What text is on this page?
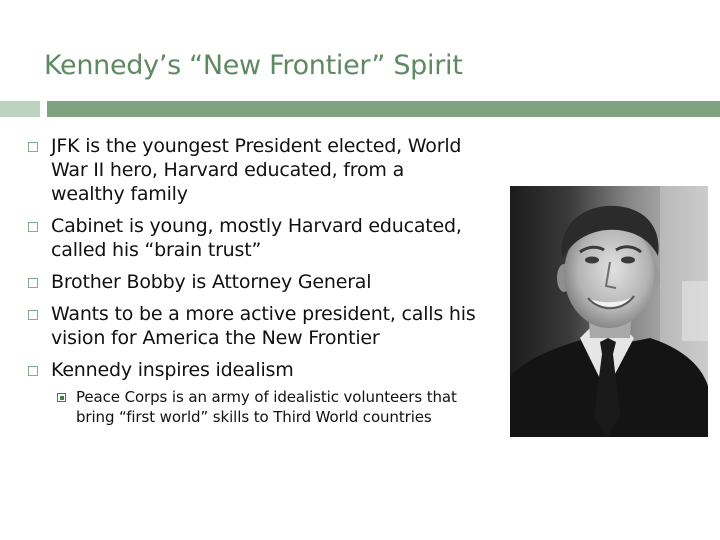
Kennedy’s “New Frontier” Spirit
JFK is the youngest President elected, World War II hero, Harvard educated, from a wealthy family
Cabinet is young, mostly Harvard educated, called his “brain trust”
Brother Bobby is Attorney General
Wants to be a more active president, calls his vision for America the New Frontier
Kennedy inspires idealism
Peace Corps is an army of idealistic volunteers that bring “first world” skills to Third World countries
